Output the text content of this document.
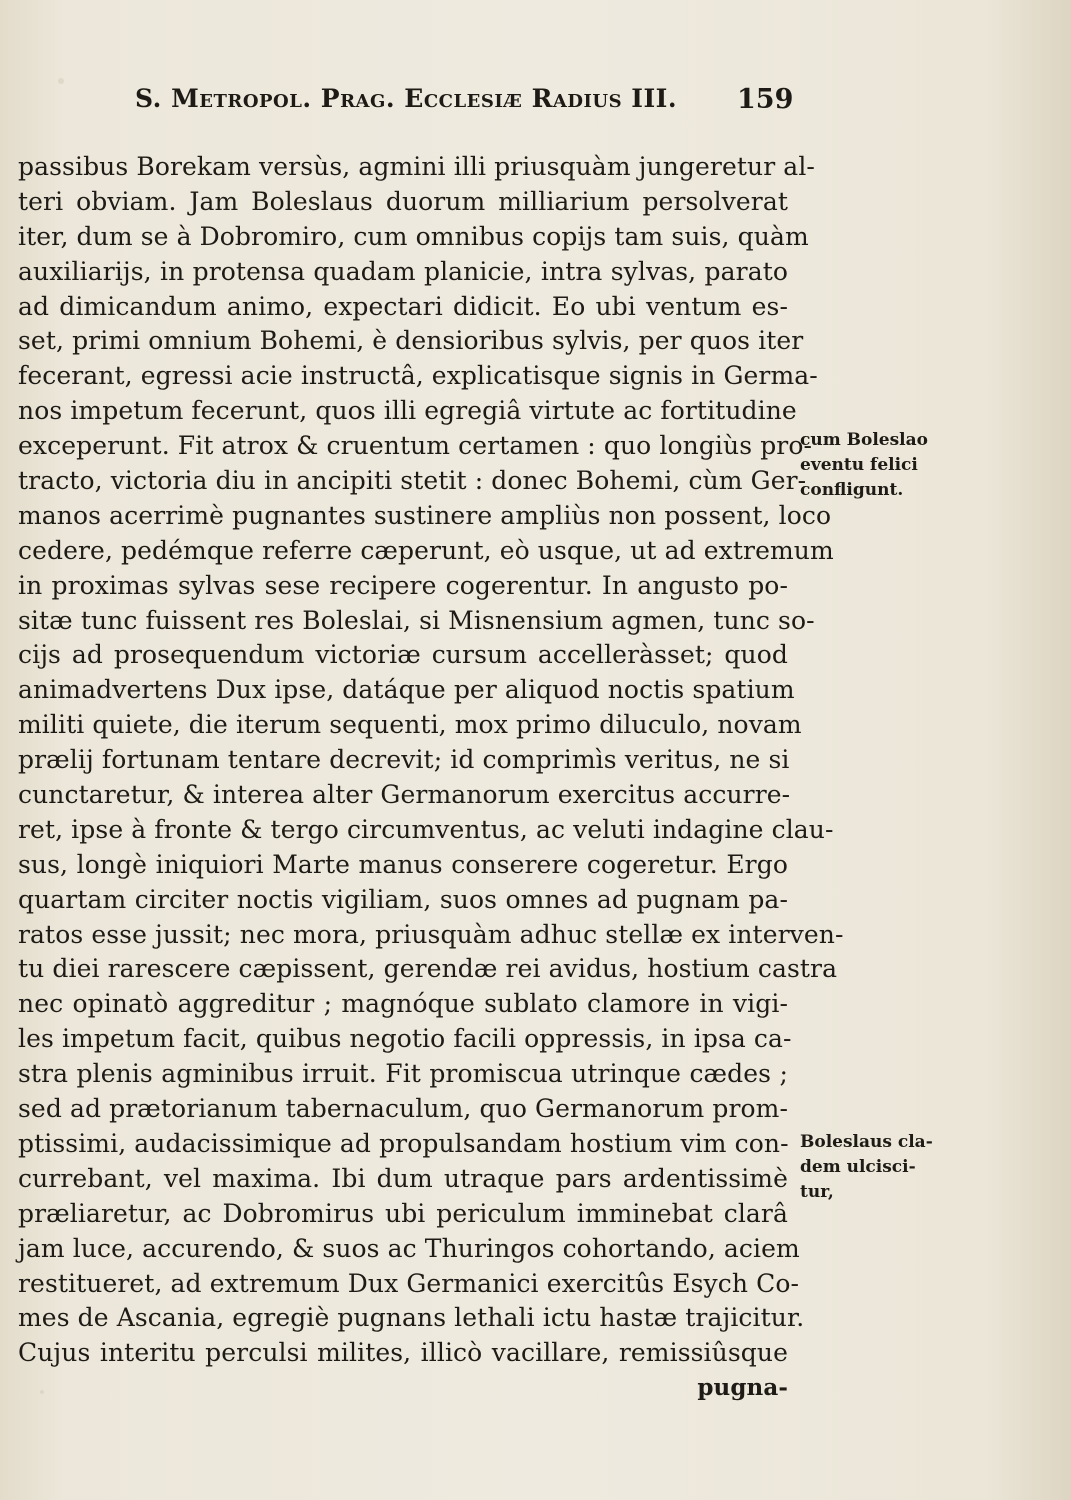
S. Metropol. Prag. Ecclesiæ Radius III. 159
passibus Borekam versùs, agmini illi priusquàm jungeretur al-
teri obviam. Jam Boleslaus duorum milliarium persolverat
iter, dum se à Dobromiro, cum omnibus copijs tam suis, quàm
auxiliarijs, in protensa quadam planicie, intra sylvas, parato
ad dimicandum animo, expectari didicit. Eo ubi ventum es-
set, primi omnium Bohemi, è densioribus sylvis, per quos iter
fecerant, egressi acie instructâ, explicatisque signis in Germa-
nos impetum fecerunt, quos illi egregiâ virtute ac fortitudine
exceperunt. Fit atrox & cruentum certamen : quo longiùs pro-
tracto, victoria diu in ancipiti stetit : donec Bohemi, cùm Ger-
manos acerrimè pugnantes sustinere ampliùs non possent, loco
cedere, pedémque referre cæperunt, eò usque, ut ad extremum
in proximas sylvas sese recipere cogerentur. In angusto po-
sitæ tunc fuissent res Boleslai, si Misnensium agmen, tunc so-
cijs ad prosequendum victoriæ cursum accelleràsset; quod
animadvertens Dux ipse, datáque per aliquod noctis spatium
militi quiete, die iterum sequenti, mox primo diluculo, novam
prælij fortunam tentare decrevit; id comprimìs veritus, ne si
cunctaretur, & interea alter Germanorum exercitus accurre-
ret, ipse à fronte & tergo circumventus, ac veluti indagine clau-
sus, longè iniquiori Marte manus conserere cogeretur. Ergo
quartam circiter noctis vigiliam, suos omnes ad pugnam pa-
ratos esse jussit; nec mora, priusquàm adhuc stellæ ex interven-
tu diei rarescere cæpissent, gerendæ rei avidus, hostium castra
nec opinatò aggreditur ; magnóque sublato clamore in vigi-
les impetum facit, quibus negotio facili oppressis, in ipsa ca-
stra plenis agminibus irruit. Fit promiscua utrinque cædes ;
sed ad prætorianum tabernaculum, quo Germanorum prom-
ptissimi, audacissimique ad propulsandam hostium vim con-
currebant, vel maxima. Ibi dum utraque pars ardentissimè
præliaretur, ac Dobromirus ubi periculum imminebat clarâ
jam luce, accurendo, & suos ac Thuringos cohortando, aciem
restitueret, ad extremum Dux Germanici exercitûs Esych Co-
mes de Ascania, egregiè pugnans lethali ictu hastæ trajicitur.
Cujus interitu perculsi milites, illicò vacillare, remissiûsque
pugna-
cum Boleslao
eventu felici
confligunt.
Boleslaus cla-
dem ulcisci-
tur,
